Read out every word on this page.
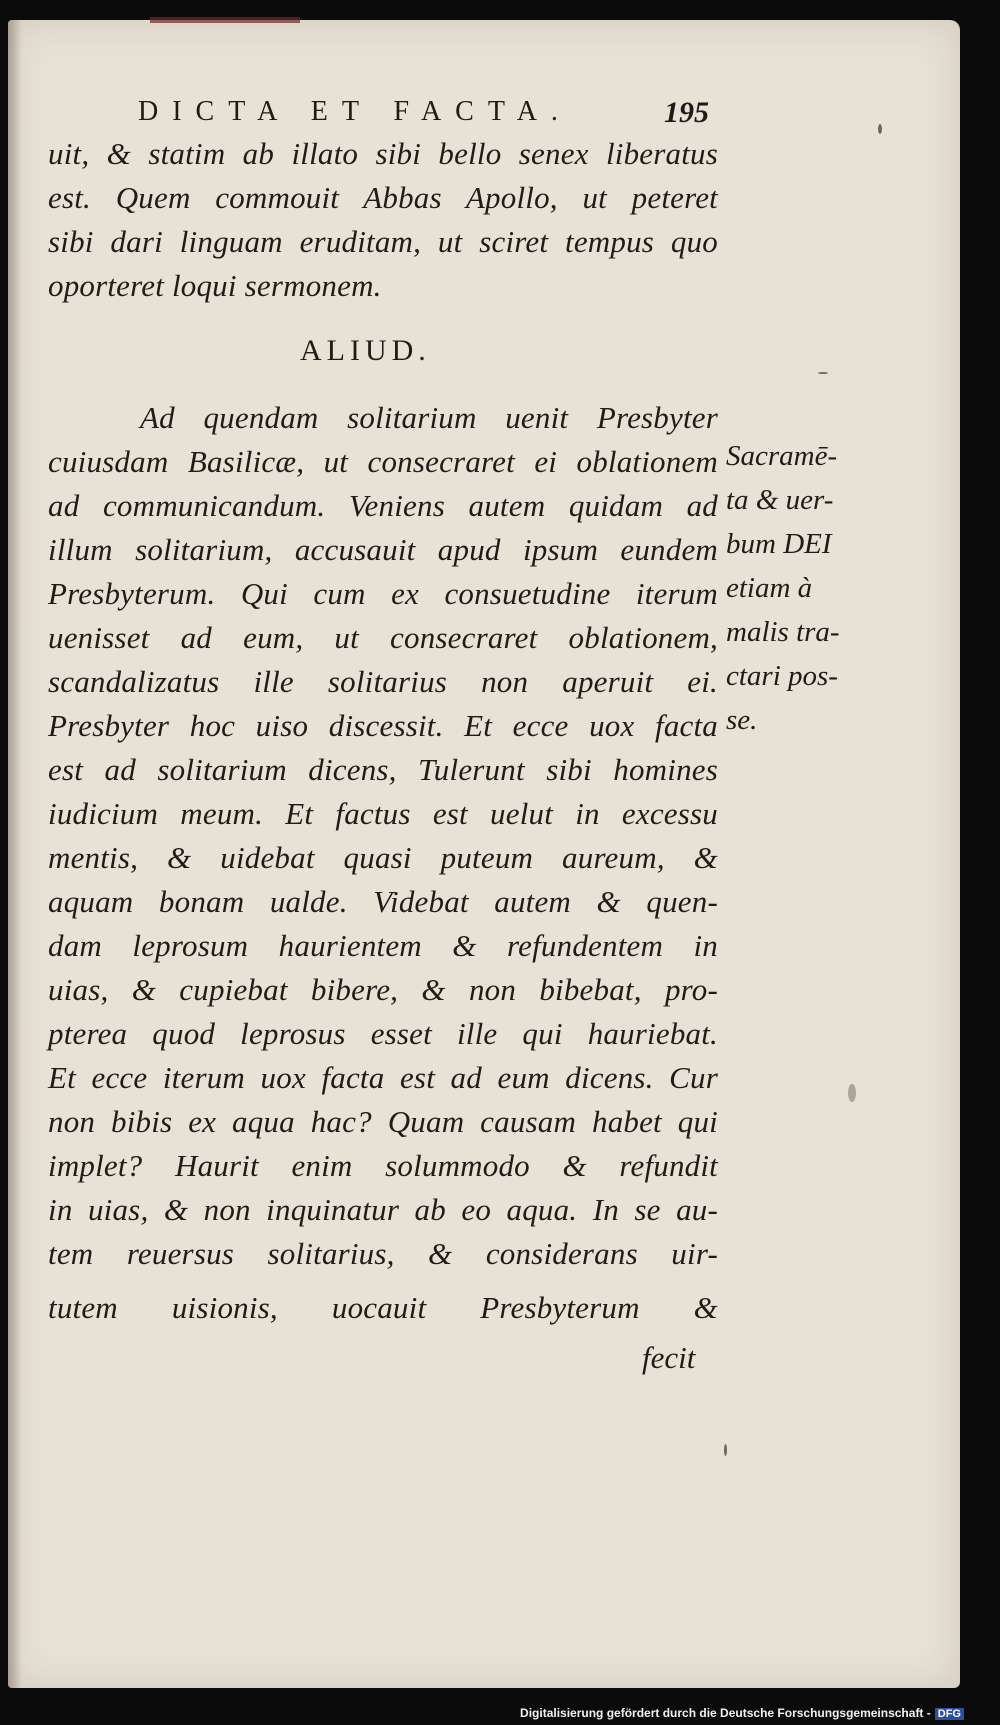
DICTA ET FACTA.	195
uit, & statim ab illato sibi bello senex liberatus
est. Quem commouit Abbas Apollo, ut peteret
sibi dari linguam eruditam, ut sciret tempus quo
oporteret loqui sermonem.
Ad quendam solitarium uenit Presbyter
cuiusdam Basilicæ, ut consecraret ei oblationem
ad communicandum. Veniens autem quidam ad
illum solitarium, accusauit apud ipsum eundem
Presbyterum. Qui cum ex consuetudine iterum
uenisset ad eum, ut consecraret oblationem,
scandalizatus ille solitarius non aperuit ei.
Presbyter hoc uiso discessit. Et ecce uox facta
est ad solitarium dicens, Tulerunt sibi homines
iudicium meum. Et factus est uelut in excessu
mentis, & uidebat quasi puteum aureum, &
aquam bonam ualde. Videbat autem & quen-
dam leprosum haurientem & refundentem in
uias, & cupiebat bibere, & non bibebat, pro-
pterea quod leprosus esset ille qui hauriebat.
Et ecce iterum uox facta est ad eum dicens. Cur
non bibis ex aqua hac? Quam causam habet qui
implet? Haurit enim solummodo & refundit
in uias, & non inquinatur ab eo aqua. In se au-
tem reuersus solitarius, & considerans uir-
tutem uisionis, uocauit Presbyterum &
ALIUD.
fecit
Sacramē-
ta & uer-
bum DEI
etiam à
malis tra-
ctari pos-
se.
Digitalisierung gefördert durch die Deutsche Forschungsgemeinschaft - DFG
